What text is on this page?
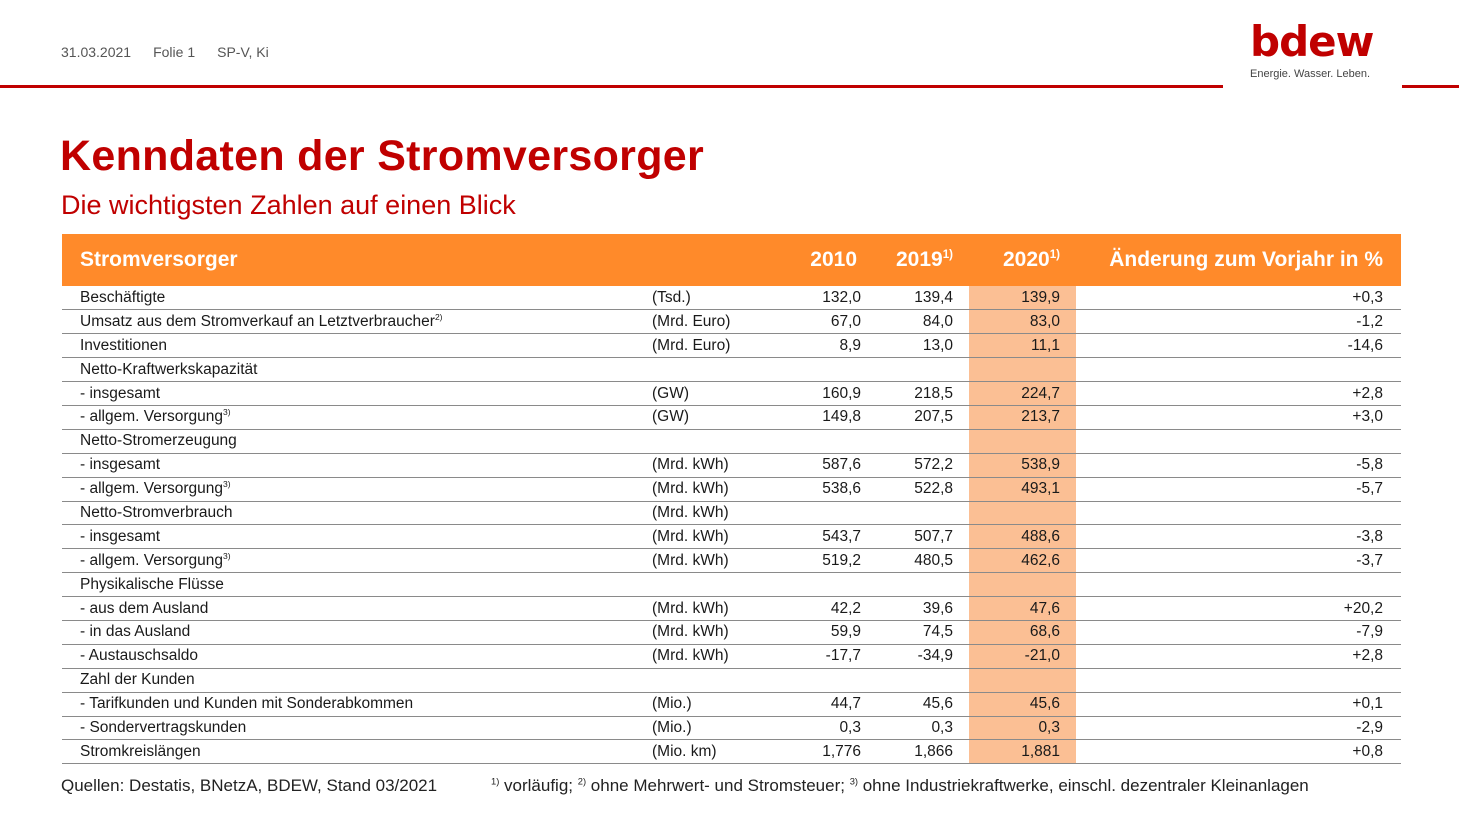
31.03.2021 Folie 1 SP-V, Ki	bdew
Energie. Wasser. Leben.
Kenndaten der Stromversorger
Die wichtigsten Zahlen auf einen Blick
Stromversorger		2010	2019$^{1)}$	2020$^{1)}$	Änderung zum Vorjahr in %
Beschäftigte	(Tsd.)	132,0	139,4	139,9	+0,3
Umsatz aus dem Stromverkauf an Letztverbraucher$^{2)}$	(Mrd. Euro)	67,0	84,0	83,0	-1,2
Investitionen	(Mrd. Euro)	8,9	13,0	11,1	-14,6
Netto-Kraftwerkskapazität					
- insgesamt	(GW)	160,9	218,5	224,7	+2,8
- allgem. Versorgung$^{3)}$	(GW)	149,8	207,5	213,7	+3,0
Netto-Stromerzeugung					
- insgesamt	(Mrd. kWh)	587,6	572,2	538,9	-5,8
- allgem. Versorgung$^{3)}$	(Mrd. kWh)	538,6	522,8	493,1	-5,7
Netto-Stromverbrauch	(Mrd. kWh)				
- insgesamt	(Mrd. kWh)	543,7	507,7	488,6	-3,8
- allgem. Versorgung$^{3)}$	(Mrd. kWh)	519,2	480,5	462,6	-3,7
Physikalische Flüsse					
- aus dem Ausland	(Mrd. kWh)	42,2	39,6	47,6	+20,2
- in das Ausland	(Mrd. kWh)	59,9	74,5	68,6	-7,9
- Austauschsaldo	(Mrd. kWh)	-17,7	-34,9	-21,0	+2,8
Zahl der Kunden					
- Tarifkunden und Kunden mit Sonderabkommen	(Mio.)	44,7	45,6	45,6	+0,1
- Sondervertragskunden	(Mio.)	0,3	0,3	0,3	-2,9
Stromkreislängen	(Mio. km)	1,776	1,866	1,881	+0,8
Quellen: Destatis, BNetzA, BDEW, Stand 03/2021	$^{1)}$ vorläufig; $^{2)}$ ohne Mehrwert- und Stromsteuer; $^{3)}$ ohne Industriekraftwerke, einschl. dezentraler Kleinanlagen
